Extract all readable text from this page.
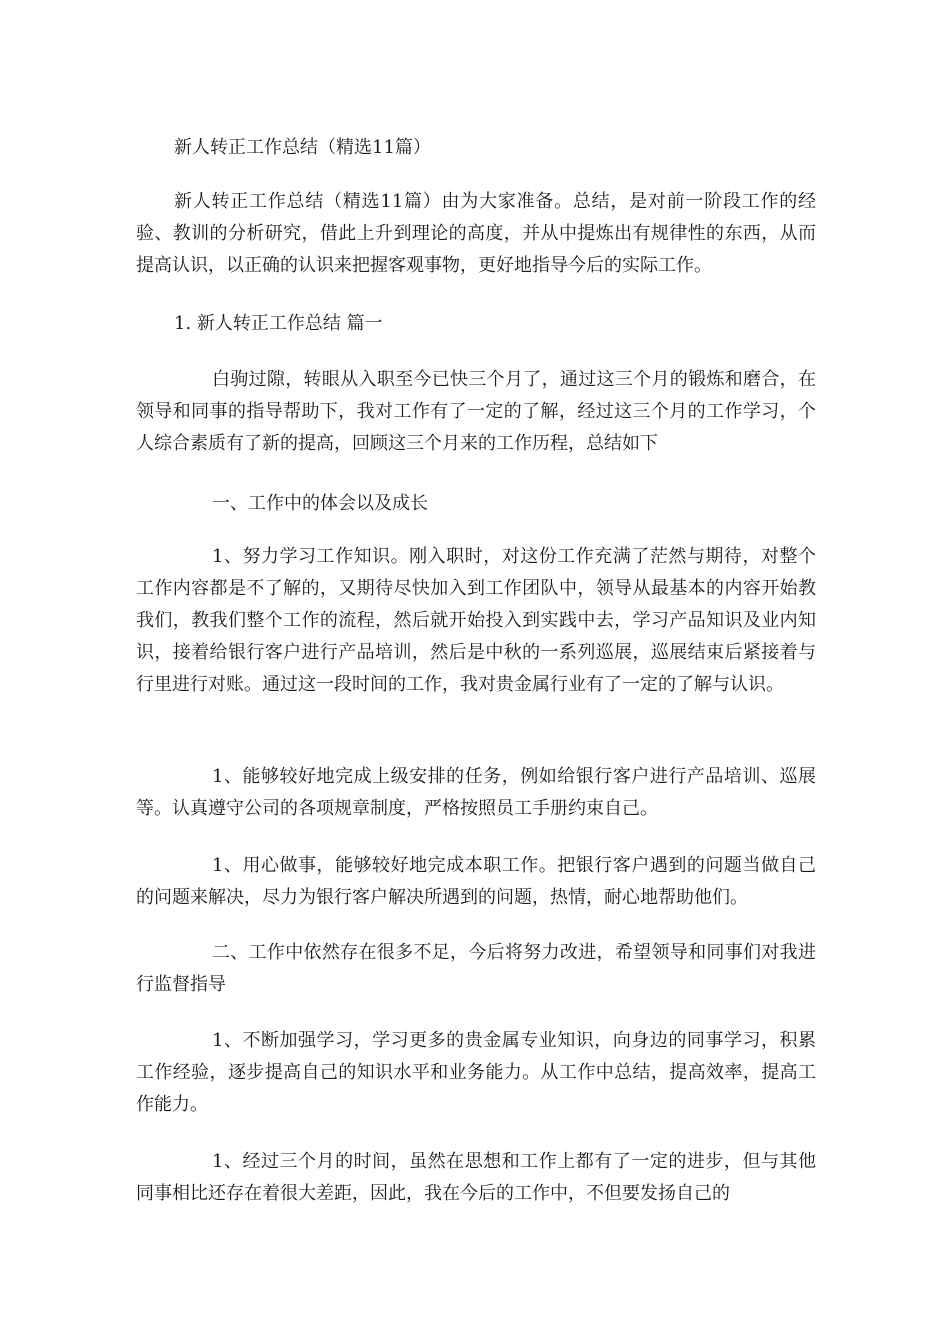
新人转正工作总结（精选11篇）

新人转正工作总结（精选11篇）由为大家准备。总结，是对前一阶段工作的经验、教训的分析研究，借此上升到理论的高度，并从中提炼出有规律性的东西，从而提高认识，以正确的认识来把握客观事物，更好地指导今后的实际工作。

1. 新人转正工作总结 篇一

白驹过隙，转眼从入职至今已快三个月了，通过这三个月的锻炼和磨合，在领导和同事的指导帮助下，我对工作有了一定的了解，经过这三个月的工作学习，个人综合素质有了新的提高，回顾这三个月来的工作历程，总结如下

一、工作中的体会以及成长

1、努力学习工作知识。刚入职时，对这份工作充满了茫然与期待，对整个工作内容都是不了解的，又期待尽快加入到工作团队中，领导从最基本的内容开始教我们，教我们整个工作的流程，然后就开始投入到实践中去，学习产品知识及业内知识，接着给银行客户进行产品培训，然后是中秋的一系列巡展，巡展结束后紧接着与行里进行对账。通过这一段时间的工作，我对贵金属行业有了一定的了解与认识。

1、能够较好地完成上级安排的任务，例如给银行客户进行产品培训、巡展等。认真遵守公司的各项规章制度，严格按照员工手册约束自己。

1、用心做事，能够较好地完成本职工作。把银行客户遇到的问题当做自己的问题来解决，尽力为银行客户解决所遇到的问题，热情，耐心地帮助他们。

二、工作中依然存在很多不足，今后将努力改进，希望领导和同事们对我进行监督指导

1、不断加强学习，学习更多的贵金属专业知识，向身边的同事学习，积累工作经验，逐步提高自己的知识水平和业务能力。从工作中总结，提高效率，提高工作能力。

1、经过三个月的时间，虽然在思想和工作上都有了一定的进步，但与其他同事相比还存在着很大差距，因此，我在今后的工作中，不但要发扬自己的
